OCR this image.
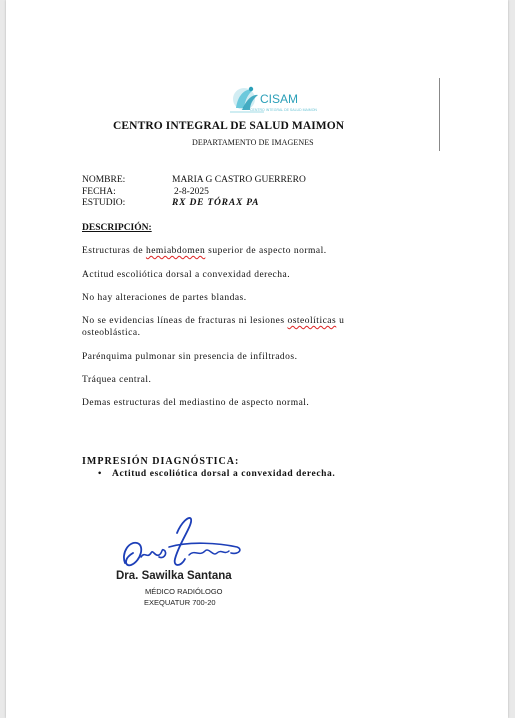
CISAM
CENTRO INTEGRAL DE SALUD MAIMON
CENTRO INTEGRAL DE SALUD MAIMON
DEPARTAMENTO DE IMAGENES
NOMBRE:	MARIA G CASTRO GUERRERO
FECHA:	2-8-2025
ESTUDIO:	RX DE TÓRAX PA
DESCRIPCIÓN:
Estructuras de hemiabdomen superior de aspecto normal.
Actitud escoliótica dorsal a convexidad derecha.
No hay alteraciones de partes blandas.
No se evidencias líneas de fracturas ni lesiones osteolíticas u osteoblástica.
Parénquima pulmonar sin presencia de infiltrados.
Tráquea central.
Demas estructuras del mediastino de aspecto normal.
IMPRESIÓN DIAGNÓSTICA:
• Actitud escoliótica dorsal a convexidad derecha.
Dra. Sawilka Santana
MÉDICO RADIÓLOGO
EXEQUATUR 700-20
